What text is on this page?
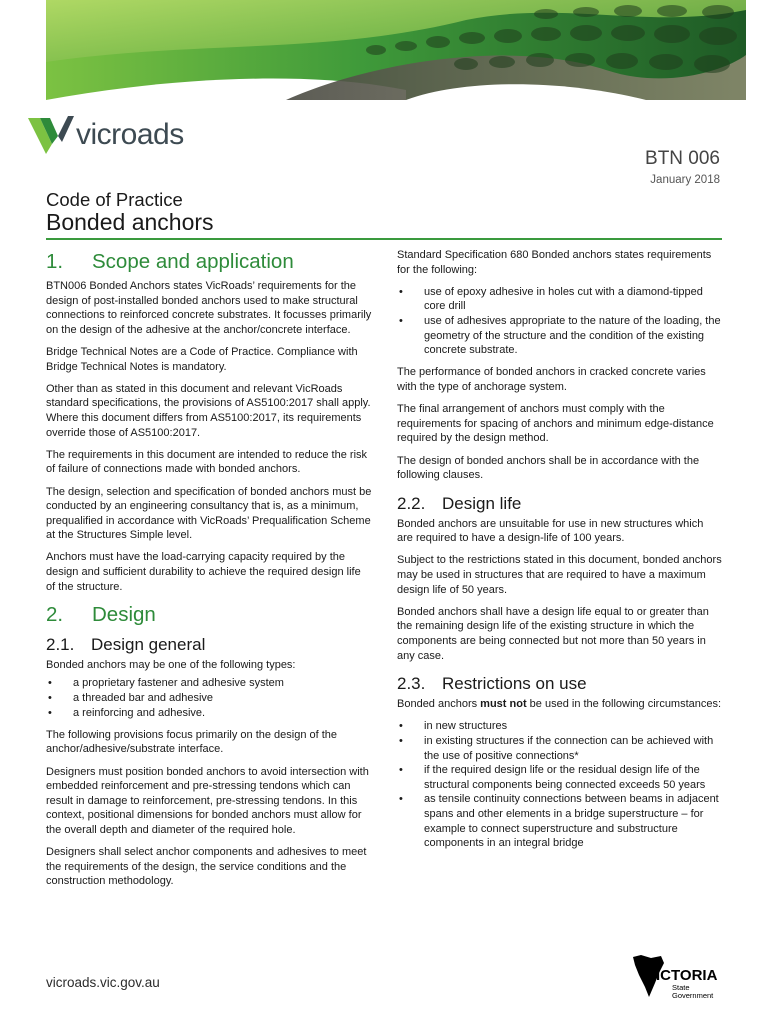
vicroads
BTN 006
January 2018
Code of Practice
Bonded anchors
1. Scope and application

BTN006 Bonded Anchors states VicRoads’ requirements for the design of post-installed bonded anchors used to make structural connections to reinforced concrete substrates. It focusses primarily on the design of the adhesive at the anchor/concrete interface.

Bridge Technical Notes are a Code of Practice. Compliance with Bridge Technical Notes is mandatory.

Other than as stated in this document and relevant VicRoads standard specifications, the provisions of AS5100:2017 shall apply. Where this document differs from AS5100:2017, its requirements override those of AS5100:2017.

The requirements in this document are intended to reduce the risk of failure of connections made with bonded anchors.

The design, selection and specification of bonded anchors must be conducted by an engineering consultancy that is, as a minimum, prequalified in accordance with VicRoads’ Prequalification Scheme at the Structures Simple level.

Anchors must have the load-carrying capacity required by the design and sufficient durability to achieve the required design life of the structure.

2. Design
2.1. Design general

Bonded anchors may be one of the following types:

• a proprietary fastener and adhesive system
• a threaded bar and adhesive
• a reinforcing and adhesive.

The following provisions focus primarily on the design of the anchor/adhesive/substrate interface.

Designers must position bonded anchors to avoid intersection with embedded reinforcement and pre-stressing tendons which can result in damage to reinforcement, pre-stressing tendons. In this context, positional dimensions for bonded anchors must allow for the overall depth and diameter of the required hole.

Designers shall select anchor components and adhesives to meet the requirements of the design, the service conditions and the construction methodology.

Standard Specification 680 Bonded anchors states requirements for the following:

• use of epoxy adhesive in holes cut with a diamond-tipped core drill
• use of adhesives appropriate to the nature of the loading, the geometry of the structure and the condition of the existing concrete substrate.

The performance of bonded anchors in cracked concrete varies with the type of anchorage system.

The final arrangement of anchors must comply with the requirements for spacing of anchors and minimum edge-distance required by the design method.

The design of bonded anchors shall be in accordance with the following clauses.

2.2. Design life

Bonded anchors are unsuitable for use in new structures which are required to have a design-life of 100 years.

Subject to the restrictions stated in this document, bonded anchors may be used in structures that are required to have a maximum design life of 50 years.

Bonded anchors shall have a design life equal to or greater than the remaining design life of the existing structure in which the components are being connected but not more than 50 years in any case.

2.3. Restrictions on use

Bonded anchors must not be used in the following circumstances:

• in new structures
• in existing structures if the connection can be achieved with the use of positive connections*
• if the required design life or the residual design life of the structural components being connected exceeds 50 years
• as tensile continuity connections between beams in adjacent spans and other elements in a bridge superstructure – for example to connect superstructure and substructure components in an integral bridge
vicroads.vic.gov.au	VICTORIA
State
Government
